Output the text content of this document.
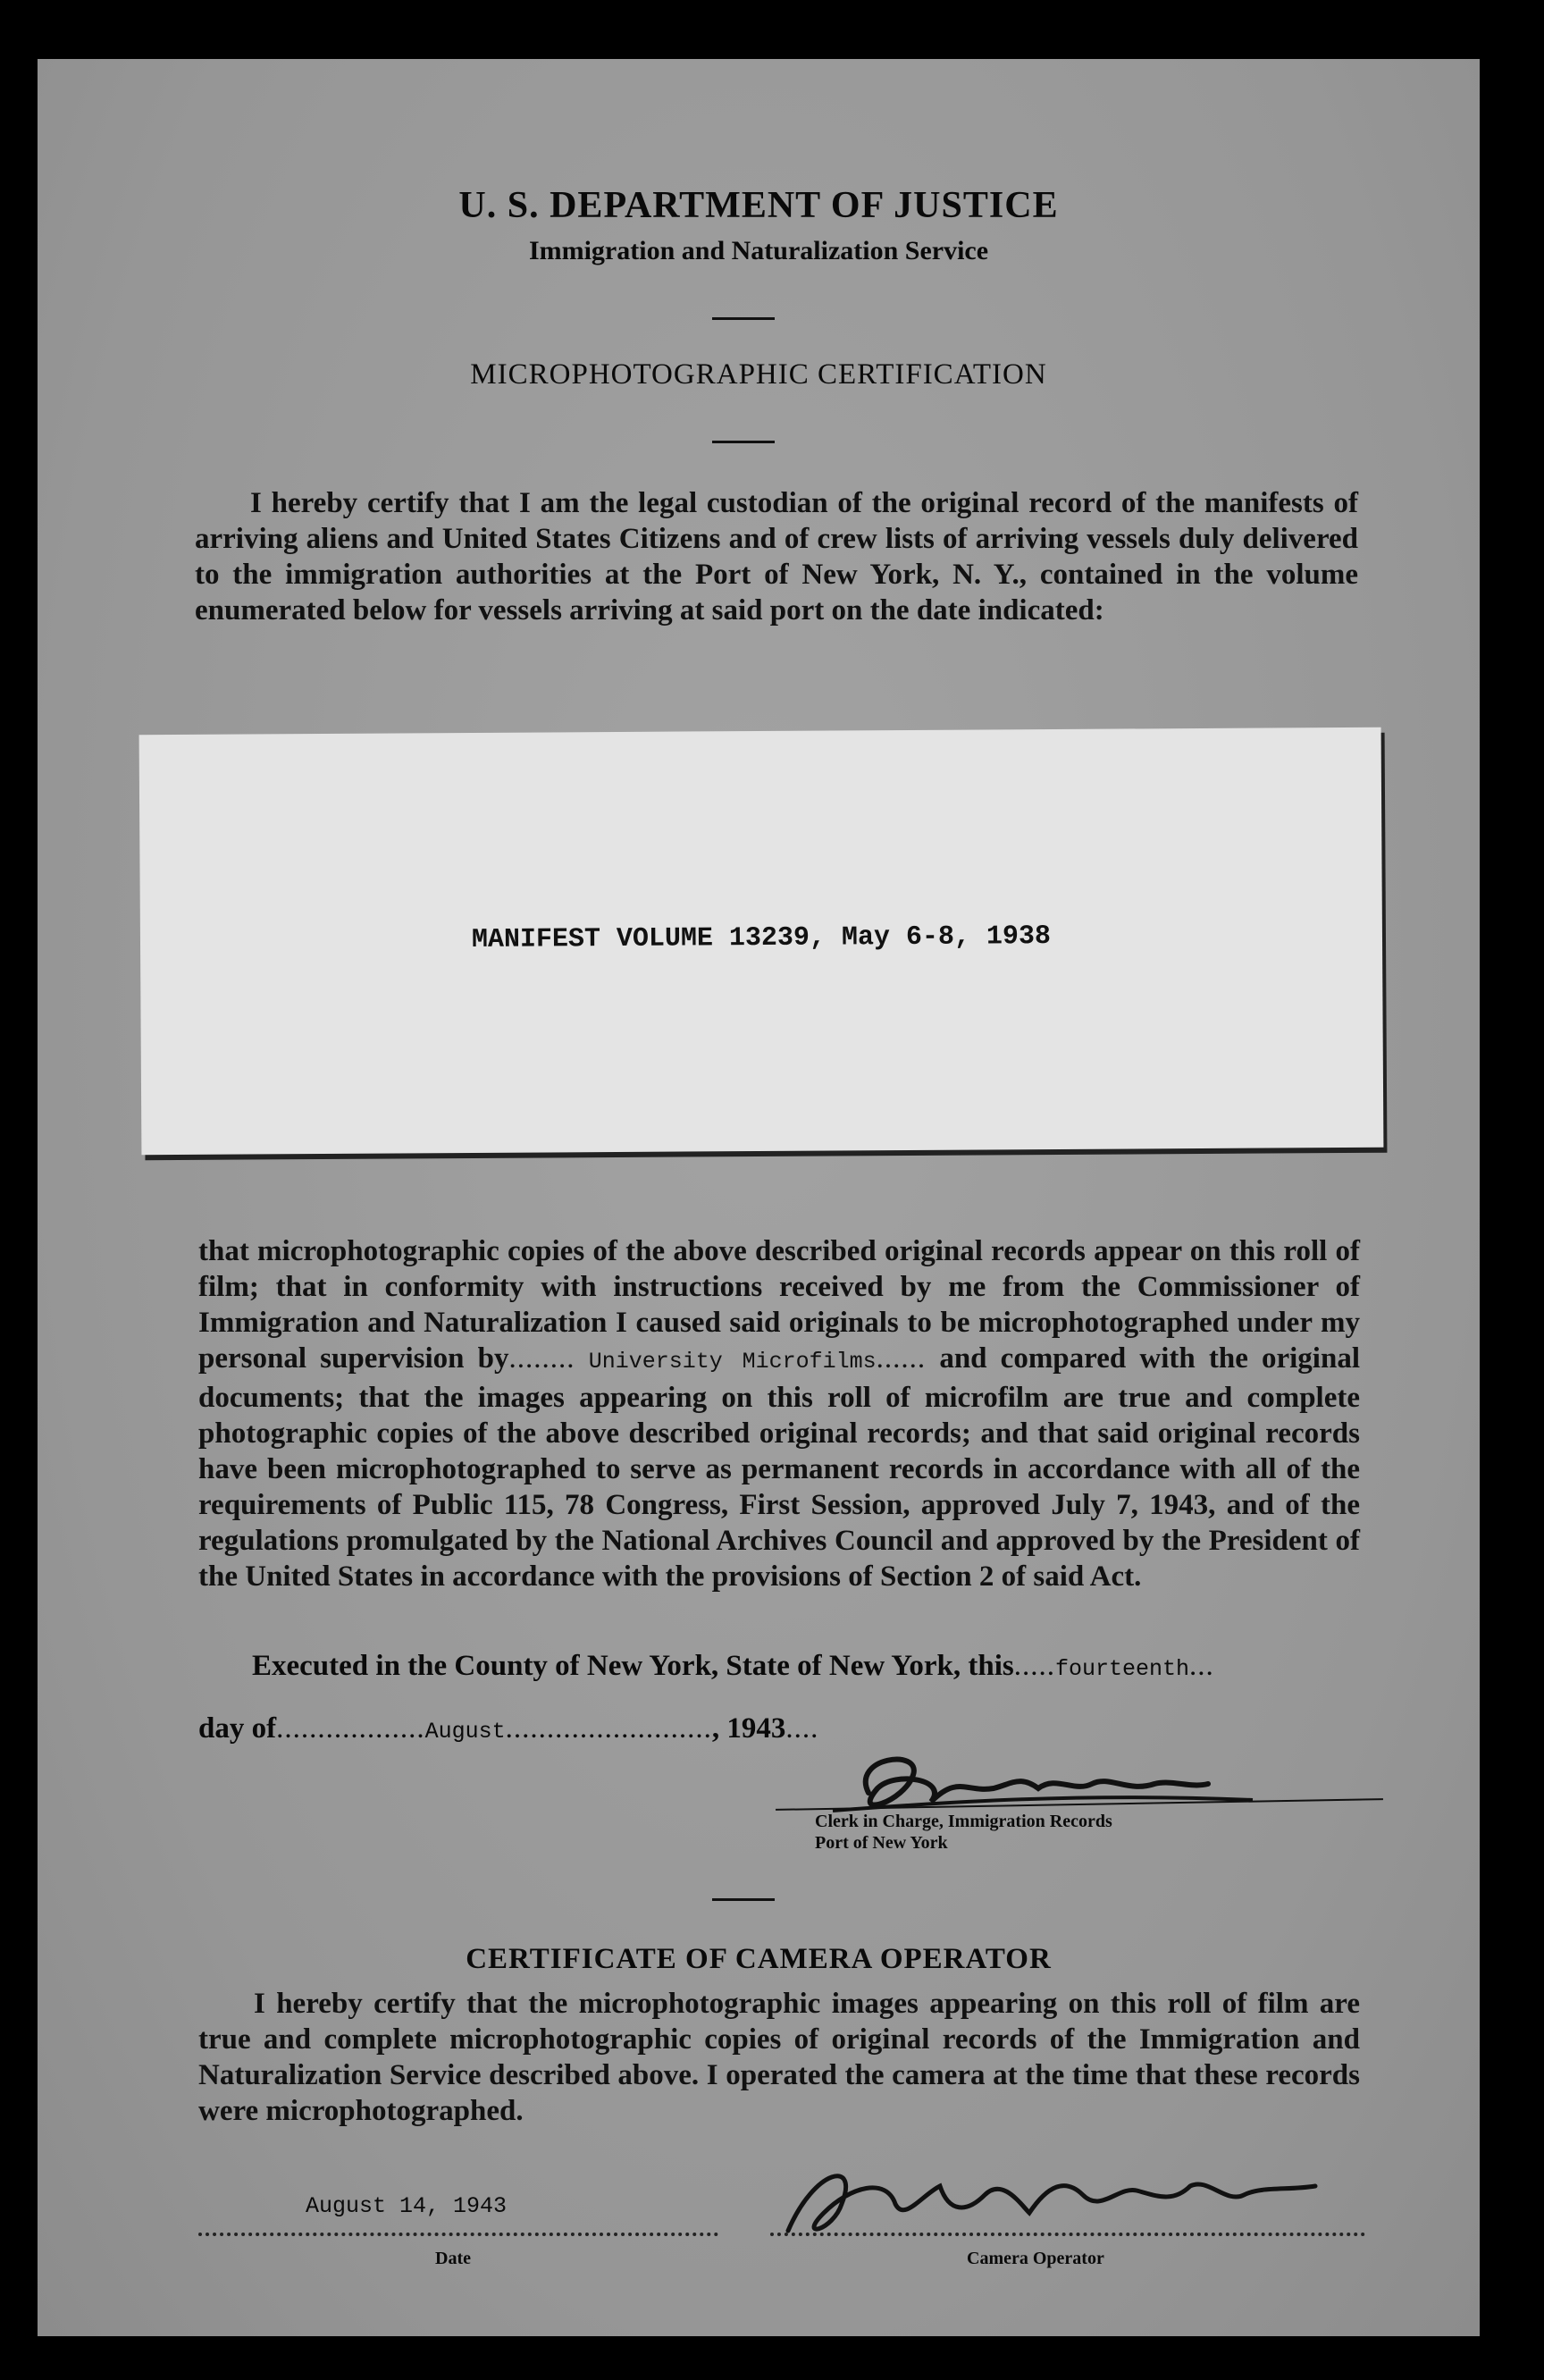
U. S. DEPARTMENT OF JUSTICE
Immigration and Naturalization Service
MICROPHOTOGRAPHIC CERTIFICATION
I hereby certify that I am the legal custodian of the original record of the manifests of arriving aliens and United States Citizens and of crew lists of arriving vessels duly delivered to the immigration authorities at the Port of New York, N. Y., contained in the volume enumerated below for vessels arriving at said port on the date indicated:
MANIFEST VOLUME 13239, May 6-8, 1938
that microphotographic copies of the above described original records appear on this roll of film; that in conformity with instructions received by me from the Commissioner of Immigration and Naturalization I caused said originals to be microphotographed under my personal supervision by........ University Microfilms...... and compared with the original documents; that the images appearing on this roll of microfilm are true and complete photographic copies of the above described original records; and that said original records have been microphotographed to serve as permanent records in accordance with all of the requirements of Public 115, 78 Congress, First Session, approved July 7, 1943, and of the regulations promulgated by the National Archives Council and approved by the President of the United States in accordance with the provisions of Section 2 of said Act.
Executed in the County of New York, State of New York, this.....fourteenth...
day of..................August........................., 1943....
Clerk in Charge, Immigration Records
Port of New York
CERTIFICATE OF CAMERA OPERATOR
I hereby certify that the microphotographic images appearing on this roll of film are true and complete microphotographic copies of original records of the Immigration and Naturalization Service described above. I operated the camera at the time that these records were microphotographed.
August 14, 1943
Date	Camera Operator
